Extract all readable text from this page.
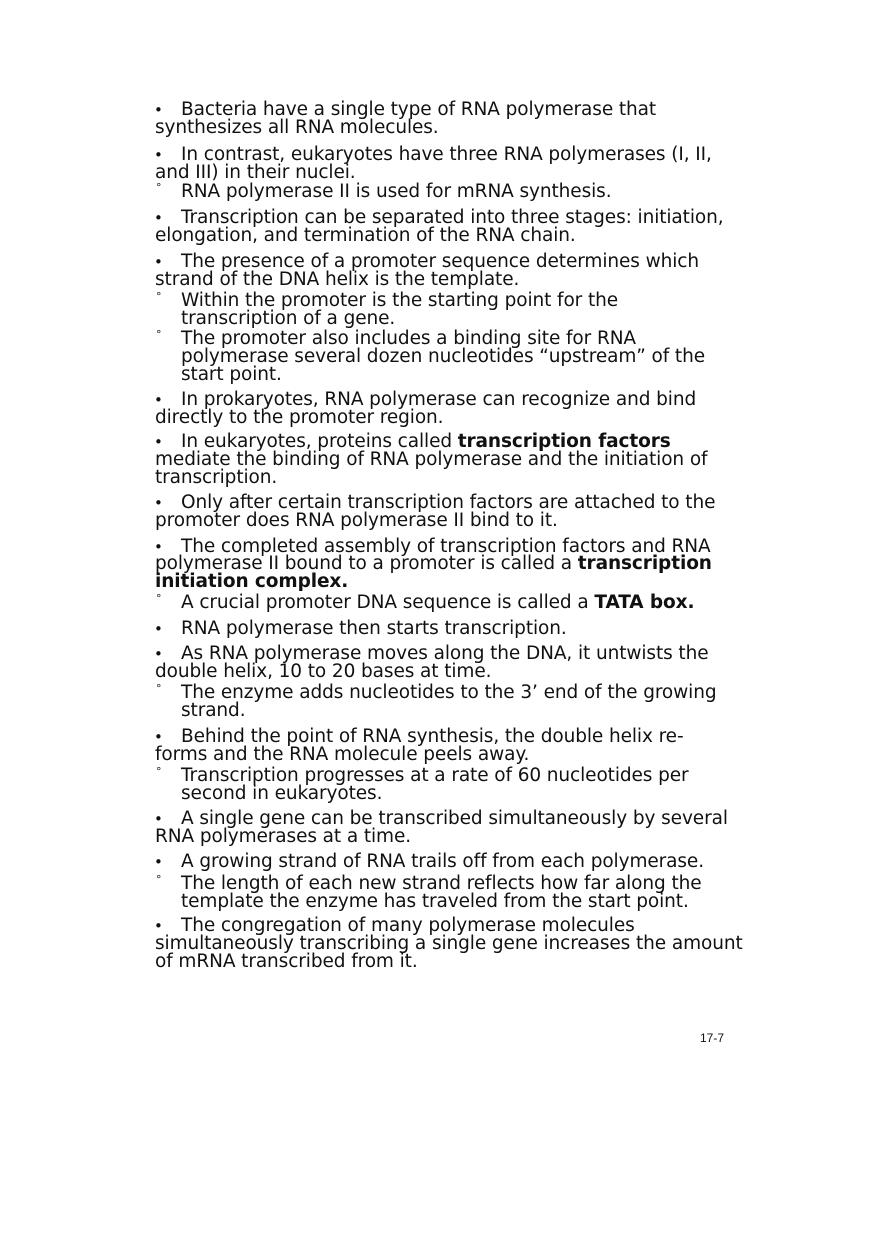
• Bacteria have a single type of RNA polymerase that
synthesizes all RNA molecules.
• In contrast, eukaryotes have three RNA polymerases (I, II,
and III) in their nuclei.
° RNA polymerase II is used for mRNA synthesis.
• Transcription can be separated into three stages: initiation,
elongation, and termination of the RNA chain.
• The presence of a promoter sequence determines which
strand of the DNA helix is the template.
° Within the promoter is the starting point for the
transcription of a gene.
° The promoter also includes a binding site for RNA
polymerase several dozen nucleotides “upstream” of the
start point.
• In prokaryotes, RNA polymerase can recognize and bind
directly to the promoter region.
• In eukaryotes, proteins called transcription factors
mediate the binding of RNA polymerase and the initiation of
transcription.
• Only after certain transcription factors are attached to the
promoter does RNA polymerase II bind to it.
• The completed assembly of transcription factors and RNA
polymerase II bound to a promoter is called a transcription
initiation complex.
° A crucial promoter DNA sequence is called a TATA box.
• RNA polymerase then starts transcription.
• As RNA polymerase moves along the DNA, it untwists the
double helix, 10 to 20 bases at time.
° The enzyme adds nucleotides to the 3’ end of the growing
strand.
• Behind the point of RNA synthesis, the double helix re-
forms and the RNA molecule peels away.
° Transcription progresses at a rate of 60 nucleotides per
second in eukaryotes.
• A single gene can be transcribed simultaneously by several
RNA polymerases at a time.
• A growing strand of RNA trails off from each polymerase.
° The length of each new strand reflects how far along the
template the enzyme has traveled from the start point.
• The congregation of many polymerase molecules
simultaneously transcribing a single gene increases the amount
of mRNA transcribed from it.
17-7
